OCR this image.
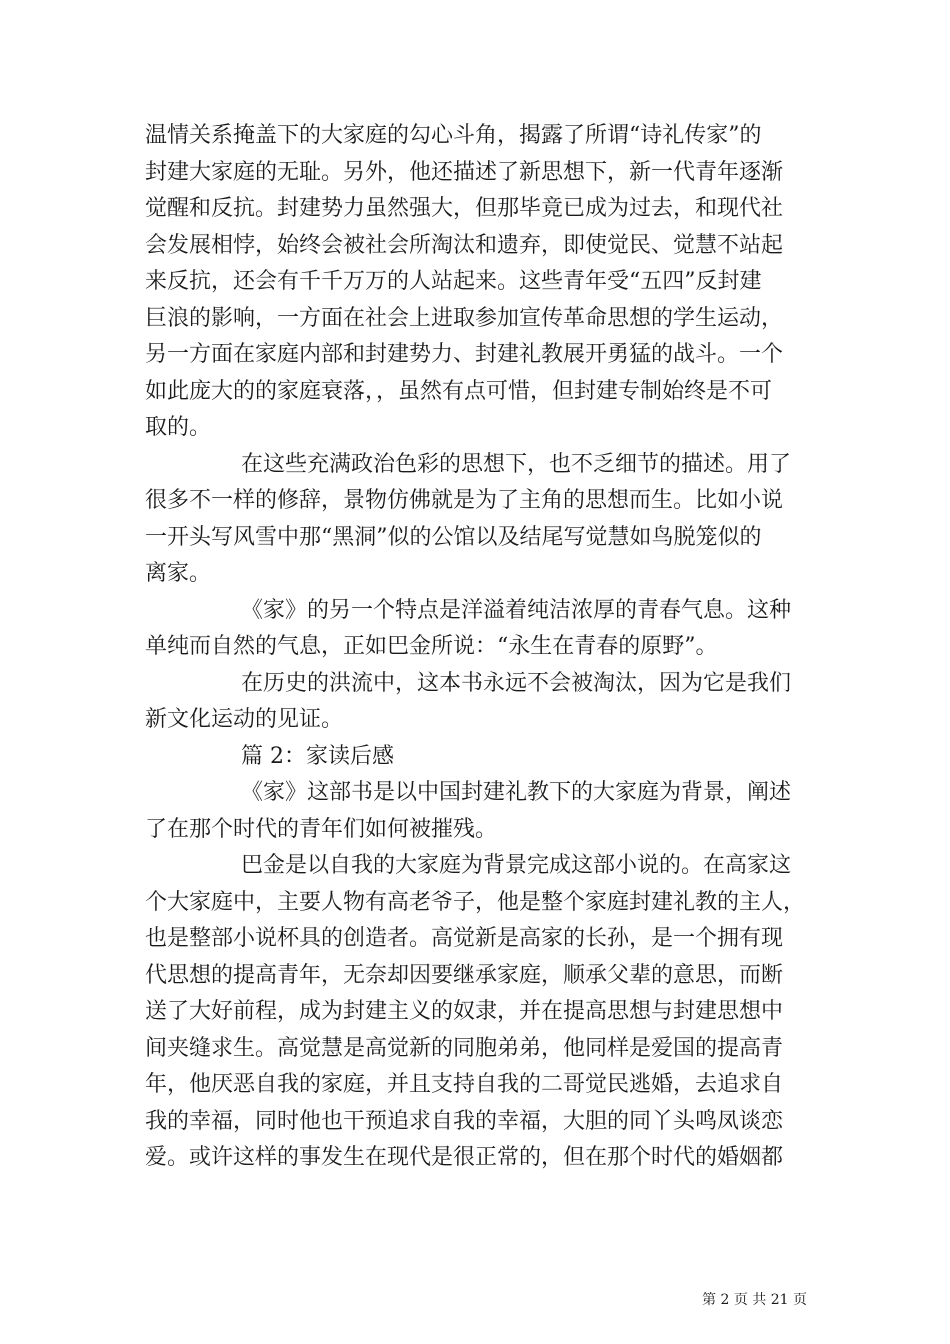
温情关系掩盖下的大家庭的勾心斗角，揭露了所谓“诗礼传家”的
封建大家庭的无耻。另外，他还描述了新思想下，新一代青年逐渐
觉醒和反抗。封建势力虽然强大，但那毕竟已成为过去，和现代社
会发展相悖，始终会被社会所淘汰和遗弃，即使觉民、觉慧不站起
来反抗，还会有千千万万的人站起来。这些青年受“五四”反封建
巨浪的影响，一方面在社会上进取参加宣传革命思想的学生运动，
另一方面在家庭内部和封建势力、封建礼教展开勇猛的战斗。一个
如此庞大的的家庭衰落，，虽然有点可惜，但封建专制始终是不可
取的。
在这些充满政治色彩的思想下，也不乏细节的描述。用了
很多不一样的修辞，景物仿佛就是为了主角的思想而生。比如小说
一开头写风雪中那“黑洞”似的公馆以及结尾写觉慧如鸟脱笼似的
离家。
《家》的另一个特点是洋溢着纯洁浓厚的青春气息。这种
单纯而自然的气息，正如巴金所说：“永生在青春的原野”。
在历史的洪流中，这本书永远不会被淘汰，因为它是我们
新文化运动的见证。
篇 2：家读后感
《家》这部书是以中国封建礼教下的大家庭为背景，阐述
了在那个时代的青年们如何被摧残。
巴金是以自我的大家庭为背景完成这部小说的。在高家这
个大家庭中，主要人物有高老爷子，他是整个家庭封建礼教的主人，
也是整部小说杯具的创造者。高觉新是高家的长孙，是一个拥有现
代思想的提高青年，无奈却因要继承家庭，顺承父辈的意思，而断
送了大好前程，成为封建主义的奴隶，并在提高思想与封建思想中
间夹缝求生。高觉慧是高觉新的同胞弟弟，他同样是爱国的提高青
年，他厌恶自我的家庭，并且支持自我的二哥觉民逃婚，去追求自
我的幸福，同时他也干预追求自我的幸福，大胆的同丫头鸣凤谈恋
爱。或许这样的事发生在现代是很正常的，但在那个时代的婚姻都
第 2 页 共 21 页
